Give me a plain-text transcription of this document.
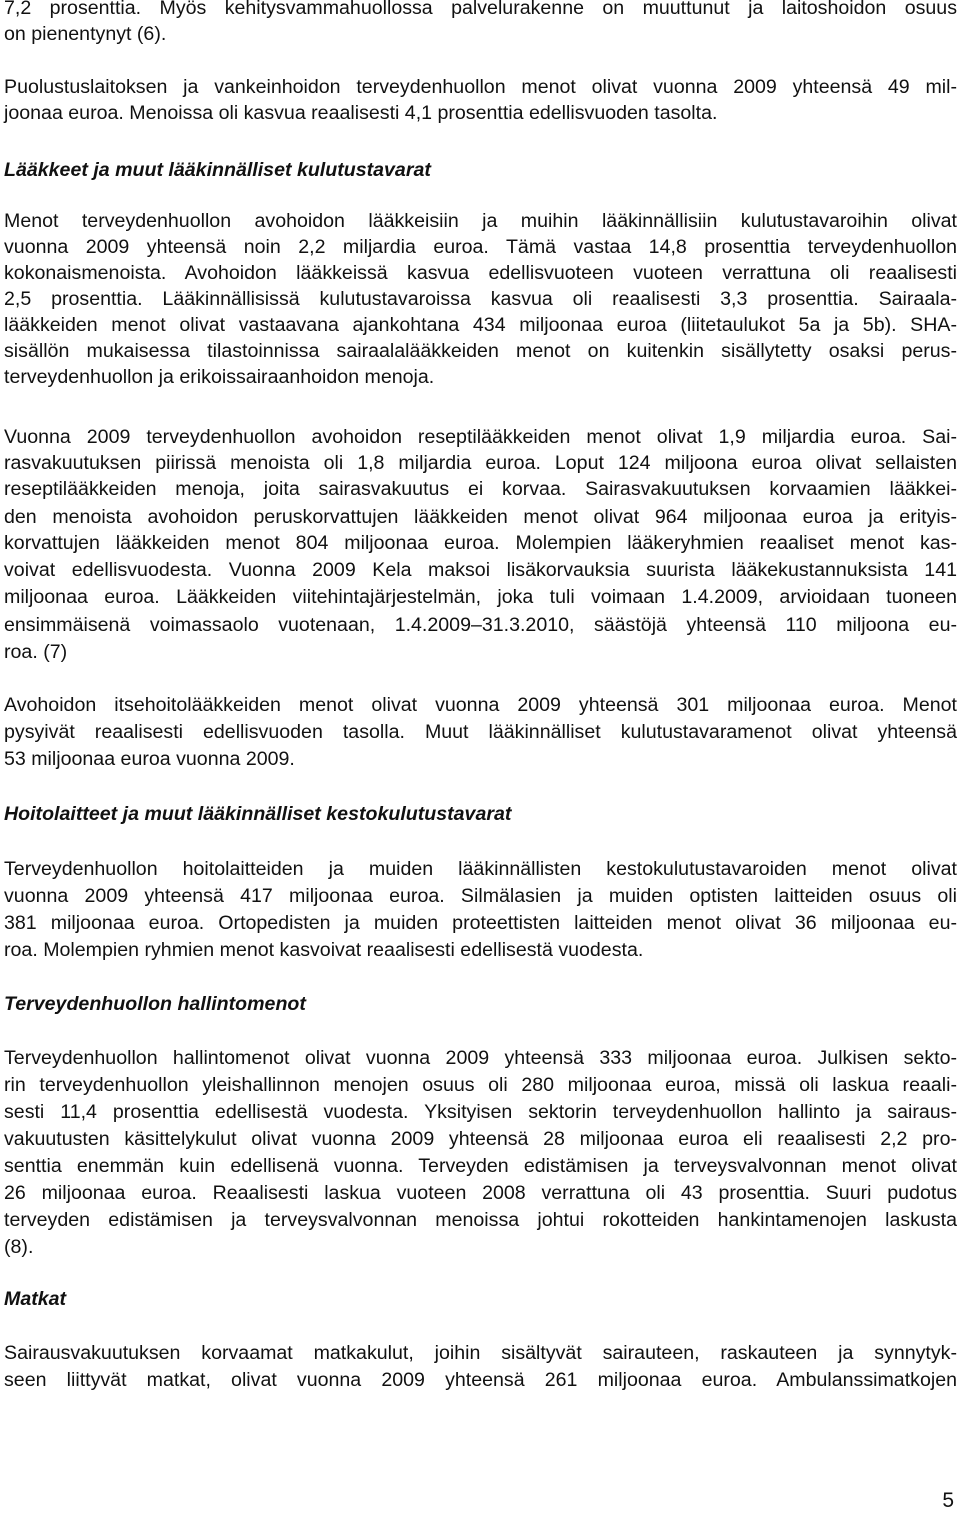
7,2 prosenttia. Myös kehitysvammahuollossa palvelurakenne on muuttunut ja laitoshoidon osuus
on pienentynyt (6).
Puolustuslaitoksen ja vankeinhoidon terveydenhuollon menot olivat vuonna 2009 yhteensä 49 mil-
joonaa euroa. Menoissa oli kasvua reaalisesti 4,1 prosenttia edellisvuoden tasolta.
Lääkkeet ja muut lääkinnälliset kulutustavarat
Menot terveydenhuollon avohoidon lääkkeisiin ja muihin lääkinnällisiin kulutustavaroihin olivat
vuonna 2009 yhteensä noin 2,2 miljardia euroa. Tämä vastaa 14,8 prosenttia terveydenhuollon
kokonaismenoista. Avohoidon lääkkeissä kasvua edellisvuoteen vuoteen verrattuna oli reaalisesti
2,5 prosenttia. Lääkinnällisissä kulutustavaroissa kasvua oli reaalisesti 3,3 prosenttia. Sairaala-
lääkkeiden menot olivat vastaavana ajankohtana 434 miljoonaa euroa (liitetaulukot 5a ja 5b). SHA-
sisällön mukaisessa tilastoinnissa sairaalalääkkeiden menot on kuitenkin sisällytetty osaksi perus-
terveydenhuollon ja erikoissairaanhoidon menoja.
Vuonna 2009 terveydenhuollon avohoidon reseptilääkkeiden menot olivat 1,9 miljardia euroa. Sai-
rasvakuutuksen piirissä menoista oli 1,8 miljardia euroa. Loput 124 miljoona euroa olivat sellaisten
reseptilääkkeiden menoja, joita sairasvakuutus ei korvaa. Sairasvakuutuksen korvaamien lääkkei-
den menoista avohoidon peruskorvattujen lääkkeiden menot olivat 964 miljoonaa euroa ja erityis-
korvattujen lääkkeiden menot 804 miljoonaa euroa. Molempien lääkeryhmien reaaliset menot kas-
voivat edellisvuodesta. Vuonna 2009 Kela maksoi lisäkorvauksia suurista lääkekustannuksista 141
miljoonaa euroa. Lääkkeiden viitehintajärjestelmän, joka tuli voimaan 1.4.2009, arvioidaan tuoneen
ensimmäisenä voimassaolo vuotenaan, 1.4.2009–31.3.2010, säästöjä yhteensä 110 miljoona eu-
roa. (7)
Avohoidon itsehoitolääkkeiden menot olivat vuonna 2009 yhteensä 301 miljoonaa euroa. Menot
pysyivät reaalisesti edellisvuoden tasolla. Muut lääkinnälliset kulutustavaramenot olivat yhteensä
53 miljoonaa euroa vuonna 2009.
Hoitolaitteet ja muut lääkinnälliset kestokulutustavarat
Terveydenhuollon hoitolaitteiden ja muiden lääkinnällisten kestokulutustavaroiden menot olivat
vuonna 2009 yhteensä 417 miljoonaa euroa. Silmälasien ja muiden optisten laitteiden osuus oli
381 miljoonaa euroa. Ortopedisten ja muiden proteettisten laitteiden menot olivat 36 miljoonaa eu-
roa. Molempien ryhmien menot kasvoivat reaalisesti edellisestä vuodesta.
Terveydenhuollon hallintomenot
Terveydenhuollon hallintomenot olivat vuonna 2009 yhteensä 333 miljoonaa euroa. Julkisen sekto-
rin terveydenhuollon yleishallinnon menojen osuus oli 280 miljoonaa euroa, missä oli laskua reaali-
sesti 11,4 prosenttia edellisestä vuodesta. Yksityisen sektorin terveydenhuollon hallinto ja sairaus-
vakuutusten käsittelykulut olivat vuonna 2009 yhteensä 28 miljoonaa euroa eli reaalisesti 2,2 pro-
senttia enemmän kuin edellisenä vuonna. Terveyden edistämisen ja terveysvalvonnan menot olivat
26 miljoonaa euroa. Reaalisesti laskua vuoteen 2008 verrattuna oli 43 prosenttia. Suuri pudotus
terveyden edistämisen ja terveysvalvonnan menoissa johtui rokotteiden hankintamenojen laskusta
(8).
Matkat
Sairausvakuutuksen korvaamat matkakulut, joihin sisältyvät sairauteen, raskauteen ja synnytyk-
seen liittyvät matkat, olivat vuonna 2009 yhteensä 261 miljoonaa euroa. Ambulanssimatkojen
5
